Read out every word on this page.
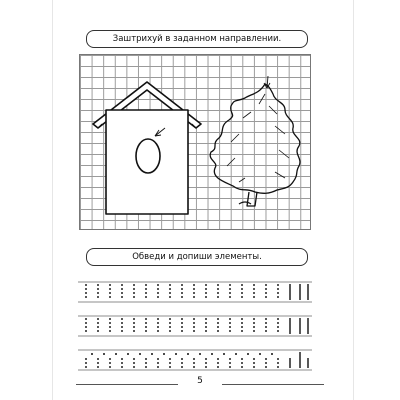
Заштрихуй в заданном направлении.
Обведи и допиши элементы.
5
